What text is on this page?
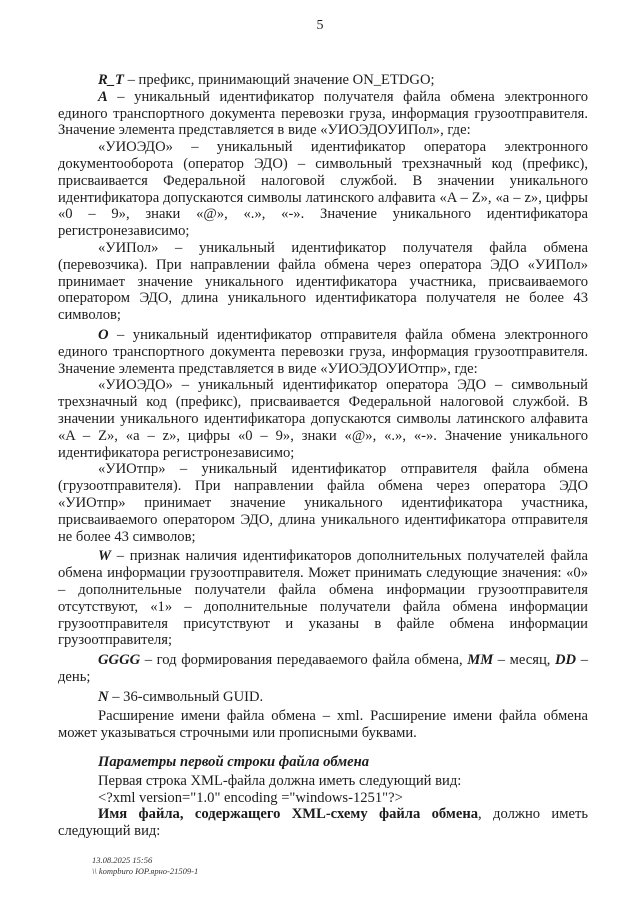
5

R_T – префикс, принимающий значение ON_ETDGO;

A – уникальный идентификатор получателя файла обмена электронного единого транспортного документа перевозки груза, информация грузоотправителя. Значение элемента представляется в виде «УИОЭДОУИПол», где:

«УИОЭДО» – уникальный идентификатор оператора электронного документооборота (оператор ЭДО) – символьный трехзначный код (префикс), присваивается Федеральной налоговой службой. В значении уникального идентификатора допускаются символы латинского алфавита «A – Z», «a – z», цифры «0 – 9», знаки «@», «.», «-». Значение уникального идентификатора регистронезависимо;

«УИПол» – уникальный идентификатор получателя файла обмена (перевозчика). При направлении файла обмена через оператора ЭДО «УИПол» принимает значение уникального идентификатора участника, присваиваемого оператором ЭДО, длина уникального идентификатора получателя не более 43 символов;

O – уникальный идентификатор отправителя файла обмена электронного единого транспортного документа перевозки груза, информация грузоотправителя. Значение элемента представляется в виде «УИОЭДОУИОтпр», где:

«УИОЭДО» – уникальный идентификатор оператора ЭДО – символьный трехзначный код (префикс), присваивается Федеральной налоговой службой. В значении уникального идентификатора допускаются символы латинского алфавита «A – Z», «a – z», цифры «0 – 9», знаки «@», «.», «-». Значение уникального идентификатора регистронезависимо;

«УИОтпр» – уникальный идентификатор отправителя файла обмена (грузоотправителя). При направлении файла обмена через оператора ЭДО «УИОтпр» принимает значение уникального идентификатора участника, присваиваемого оператором ЭДО, длина уникального идентификатора отправителя не более 43 символов;

W – признак наличия идентификаторов дополнительных получателей файла обмена информации грузоотправителя. Может принимать следующие значения: «0» – дополнительные получатели файла обмена информации грузоотправителя отсутствуют, «1» – дополнительные получатели файла обмена информации грузоотправителя присутствуют и указаны в файле обмена информации грузоотправителя;

GGGG – год формирования передаваемого файла обмена, MM – месяц, DD – день;

N – 36-символьный GUID.

Расширение имени файла обмена – xml. Расширение имени файла обмена может указываться строчными или прописными буквами.

Параметры первой строки файла обмена

Первая строка XML-файла должна иметь следующий вид:

<?xml version="1.0" encoding ="windows-1251"?>

Имя файла, содержащего XML-схему файла обмена, должно иметь следующий вид:

13.08.2025 15:56
\\ kompburo ЮР.ярно-21509-1
